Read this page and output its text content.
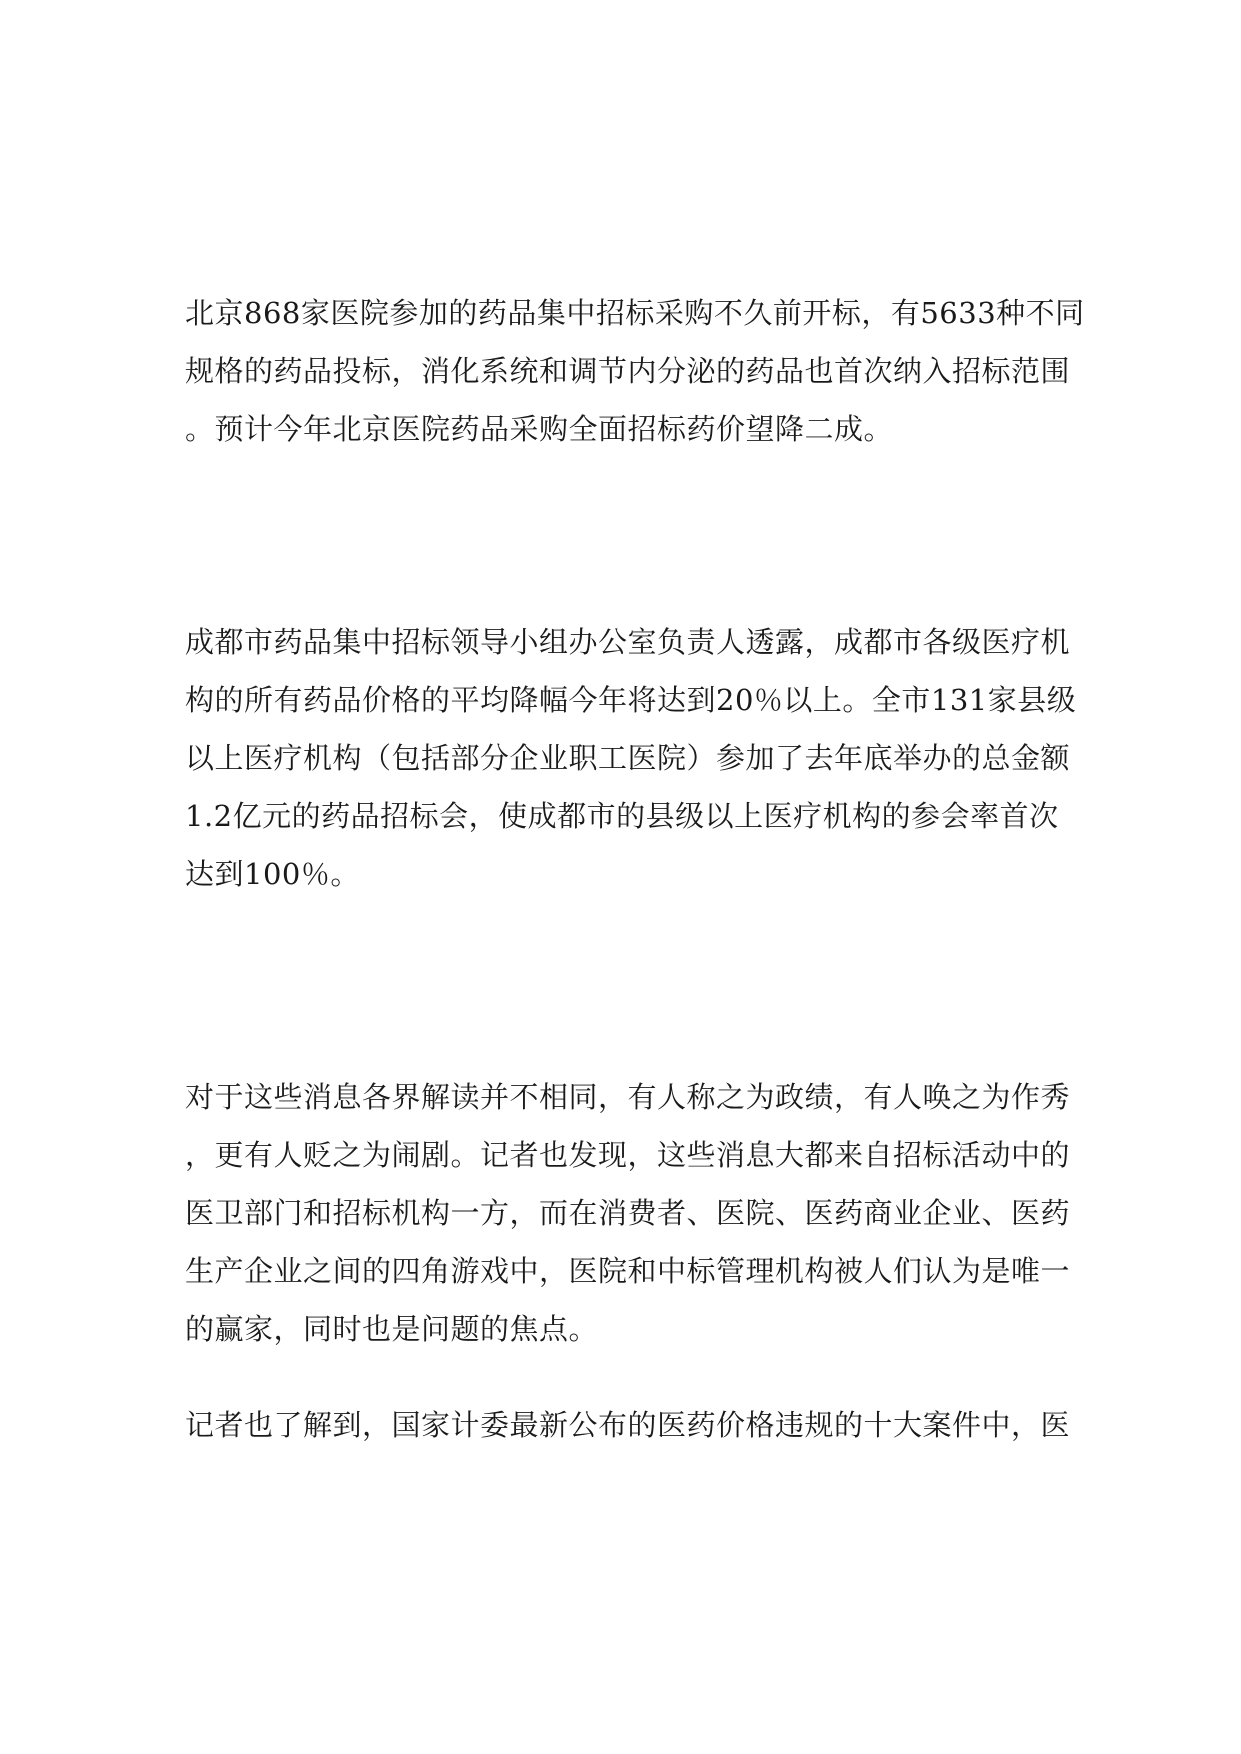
北京868家医院参加的药品集中招标采购不久前开标，有5633种不同
规格的药品投标，消化系统和调节内分泌的药品也首次纳入招标范围
。预计今年北京医院药品采购全面招标药价望降二成。

成都市药品集中招标领导小组办公室负责人透露，成都市各级医疗机
构的所有药品价格的平均降幅今年将达到20％以上。全市131家县级
以上医疗机构（包括部分企业职工医院）参加了去年底举办的总金额
1.2亿元的药品招标会，使成都市的县级以上医疗机构的参会率首次
达到100％。

对于这些消息各界解读并不相同，有人称之为政绩，有人唤之为作秀
，更有人贬之为闹剧。记者也发现，这些消息大都来自招标活动中的
医卫部门和招标机构一方，而在消费者、医院、医药商业企业、医药
生产企业之间的四角游戏中，医院和中标管理机构被人们认为是唯一
的赢家，同时也是问题的焦点。

记者也了解到，国家计委最新公布的医药价格违规的十大案件中，医
